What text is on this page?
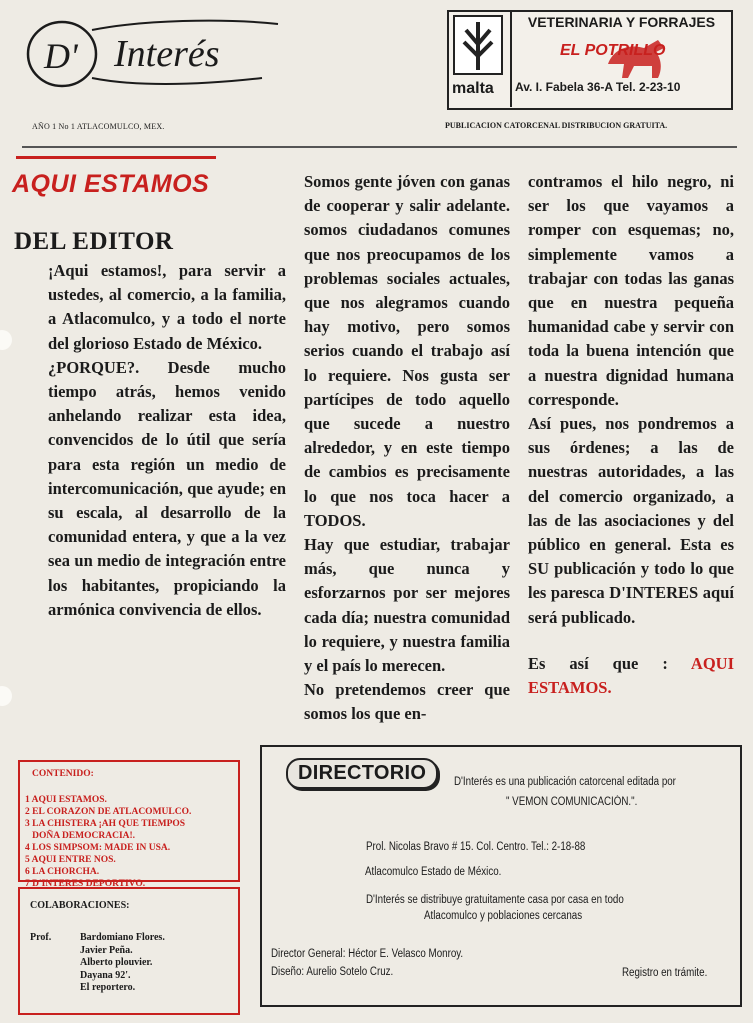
D' Interés
AÑO 1 No 1 ATLACOMULCO, MEX.
malta
VETERINARIA Y FORRAJES
EL POTRILLO
Av. I. Fabela 36-A Tel. 2-23-10
PUBLICACION CATORCENAL DISTRIBUCION GRATUITA.
AQUI ESTAMOS
DEL EDITOR

¡Aqui estamos!, para servir a ustedes, al comercio, a la familia, a Atlacomulco, y a todo el norte del glorioso Estado de México.

¿PORQUE?. Desde mucho tiempo atrás, hemos venido anhelando realizar esta idea, convencidos de lo útil que sería para esta región un medio de intercomunicación, que ayude; en su escala, al desarrollo de la comunidad entera, y que a la vez sea un medio de integración entre los habitantes, propiciando la armónica convivencia de ellos.

Somos gente jóven con ganas de cooperar y salir adelante. somos ciudadanos comunes que nos preocupamos de los problemas sociales actuales, que nos alegramos cuando hay motivo, pero somos serios cuando el trabajo así lo requiere. Nos gusta ser partícipes de todo aquello que sucede a nuestro alrededor, y en este tiempo de cambios es precisamente lo que nos toca hacer a TODOS.

Hay que estudiar, trabajar más, que nunca y esforzarnos por ser mejores cada día; nuestra comunidad lo requiere, y nuestra familia y el país lo merecen.

No pretendemos creer que somos los que en-

contramos el hilo negro, ni ser los que vayamos a romper con esquemas; no, simplemente vamos a trabajar con todas las ganas que en nuestra pequeña humanidad cabe y servir con toda la buena intención que a nuestra dignidad humana corresponde.

Así pues, nos pondremos a sus órdenes; a las de nuestras autoridades, a las del comercio organizado, a las de las asociaciones y del público en general. Esta es SU publicación y todo lo que les paresca D'INTERES aquí será publicado.

Es así que : AQUI ESTAMOS.

CONTENIDO:
1 AQUI ESTAMOS.
2 EL CORAZON DE ATLACOMULCO.
3 LA CHISTERA ¡AH QUE TIEMPOS
DOÑA DEMOCRACIA!.
4 LOS SIMPSOM: MADE IN USA.
5 AQUI ENTRE NOS.
6 LA CHORCHA.
7 D'INTERES DEPORTIVO.
COLABORACIONES:
Prof.	Bardomiano Flores.
Javier Peña.
Alberto plouvier.
Dayana 92'.
El reportero.
DIRECTORIO	D'Interés es una publicación catorcenal editada por
" VEMON COMUNICACIÓN.".
Prol. Nicolas Bravo # 15. Col. Centro. Tel.: 2-18-88
Atlacomulco Estado de México.
D'Interés se distribuye gratuitamente casa por casa en todo
Atlacomulco y poblaciones cercanas
Director General: Héctor E. Velasco Monroy.
Diseño: Aurelio Sotelo Cruz.	Registro en trámite.
